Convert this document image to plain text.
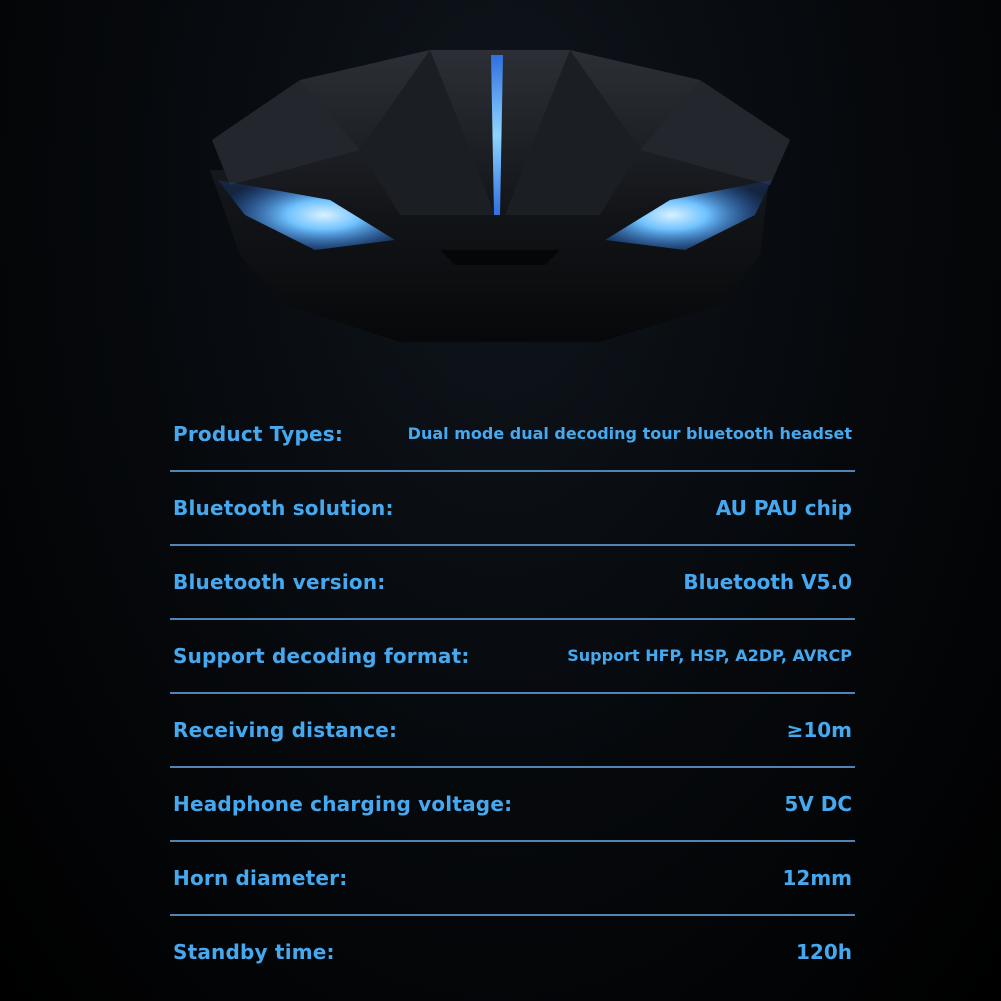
Product Types:	Dual mode dual decoding tour bluetooth headset
Bluetooth solution:	AU PAU chip
Bluetooth version:	Bluetooth V5.0
Support decoding format:	Support HFP, HSP, A2DP, AVRCP
Receiving distance:	≥10m
Headphone charging voltage:	5V DC
Horn diameter:	12mm
Standby time:	120h
